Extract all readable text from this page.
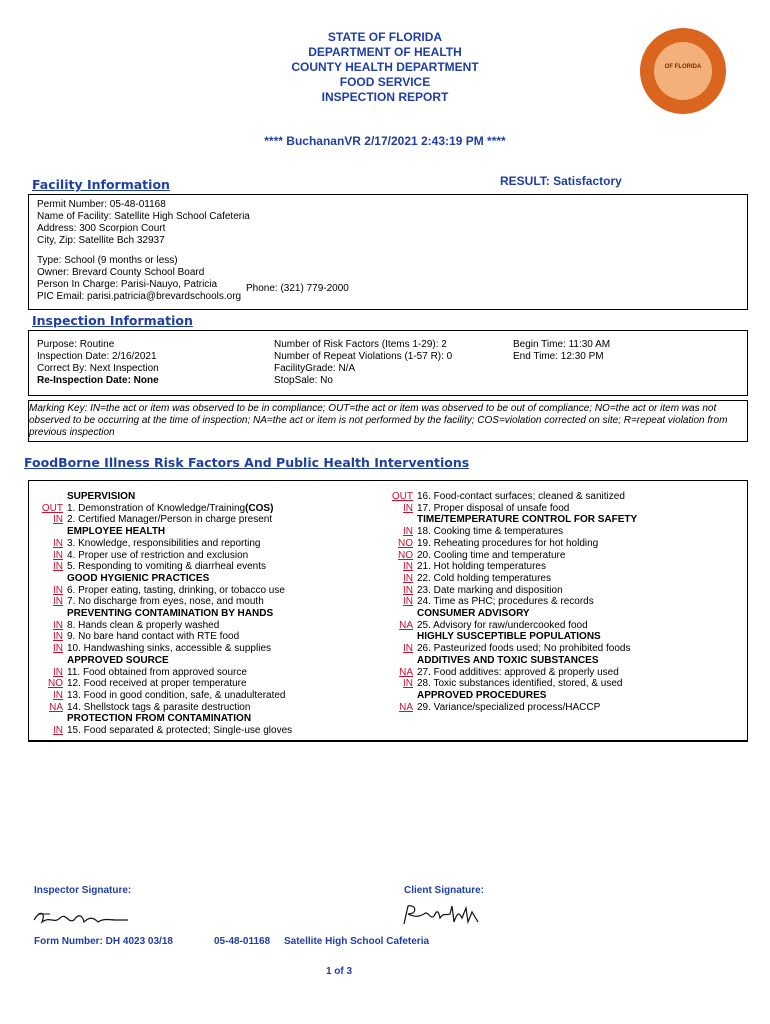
STATE OF FLORIDA
DEPARTMENT OF HEALTH
COUNTY HEALTH DEPARTMENT
FOOD SERVICE
INSPECTION REPORT
OF FLORIDA
**** BuchananVR 2/17/2021 2:43:19 PM ****
Facility Information	RESULT: Satisfactory
Permit Number: 05-48-01168
Name of Facility: Satellite High School Cafeteria
Address: 300 Scorpion Court
City, Zip: Satellite Bch 32937
Type: School (9 months or less)
Owner: Brevard County School Board
Person In Charge: Parisi-Nauyo, Patricia
PIC Email: parisi.patricia@brevardschools.org
Phone: (321) 779-2000
Inspection Information
Purpose: Routine
Inspection Date: 2/16/2021
Correct By: Next Inspection
Re-Inspection Date: None
Number of Risk Factors (Items 1-29): 2
Number of Repeat Violations (1-57 R): 0
FacilityGrade: N/A
StopSale: No
Begin Time: 11:30 AM
End Time: 12:30 PM
Marking Key: IN=the act or item was observed to be in compliance; OUT=the act or item was observed to be out of compliance; NO=the act or item was not observed to be occurring at the time of inspection; NA=the act or item is not performed by the facility; COS=violation corrected on site; R=repeat violation from previous inspection
FoodBorne Illness Risk Factors And Public Health Interventions
SUPERVISION
OUT 1. Demonstration of Knowledge/Training (COS)
IN 2. Certified Manager/Person in charge present
EMPLOYEE HEALTH
IN 3. Knowledge, responsibilities and reporting
IN 4. Proper use of restriction and exclusion
IN 5. Responding to vomiting & diarrheal events
GOOD HYGIENIC PRACTICES
IN 6. Proper eating, tasting, drinking, or tobacco use
IN 7. No discharge from eyes, nose, and mouth
PREVENTING CONTAMINATION BY HANDS
IN 8. Hands clean & properly washed
IN 9. No bare hand contact with RTE food
IN 10. Handwashing sinks, accessible & supplies
APPROVED SOURCE
IN 11. Food obtained from approved source
NO 12. Food received at proper temperature
IN 13. Food in good condition, safe, & unadulterated
NA 14. Shellstock tags & parasite destruction
PROTECTION FROM CONTAMINATION
IN 15. Food separated & protected; Single-use gloves
OUT 16. Food-contact surfaces; cleaned & sanitized
IN 17. Proper disposal of unsafe food
TIME/TEMPERATURE CONTROL FOR SAFETY
IN 18. Cooking time & temperatures
NO 19. Reheating procedures for hot holding
NO 20. Cooling time and temperature
IN 21. Hot holding temperatures
IN 22. Cold holding temperatures
IN 23. Date marking and disposition
IN 24. Time as PHC; procedures & records
CONSUMER ADVISORY
NA 25. Advisory for raw/undercooked food
HIGHLY SUSCEPTIBLE POPULATIONS
IN 26. Pasteurized foods used; No prohibited foods
ADDITIVES AND TOXIC SUBSTANCES
NA 27. Food additives: approved & properly used
IN 28. Toxic substances identified, stored, & used
APPROVED PROCEDURES
NA 29. Variance/specialized process/HACCP
Inspector Signature:	Client Signature:
Form Number: DH 4023 03/18	05-48-01168 Satellite High School Cafeteria
1 of 3
